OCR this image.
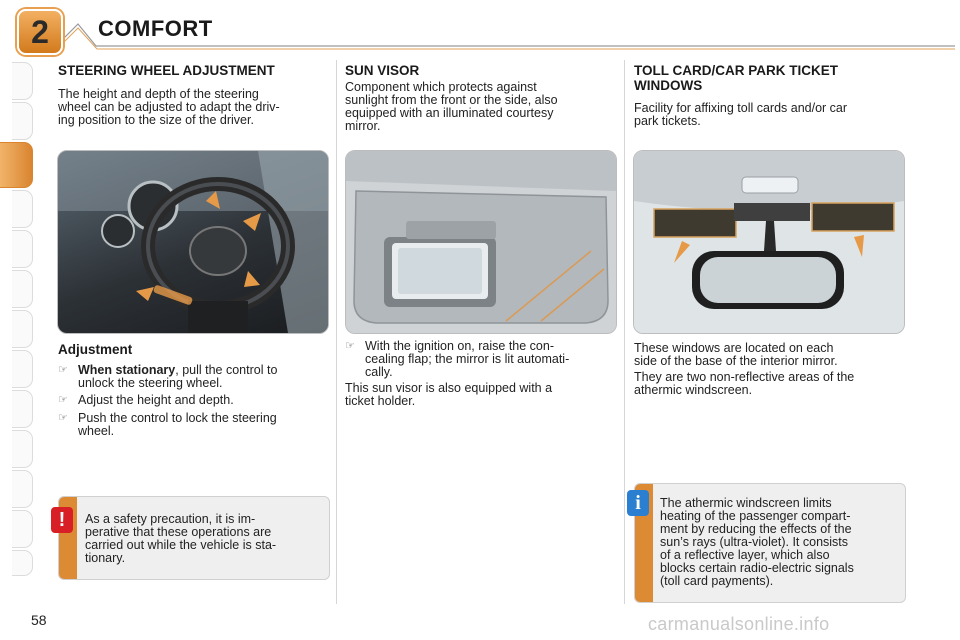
2	COMFORT
STEERING WHEEL ADJUSTMENT

The height and depth of the steering

wheel can be adjusted to adapt the driv-

ing position to the size of the driver.

Adjustment
☞ When stationary, pull the control to
unlock the steering wheel.
☞ Adjust the height and depth.
☞ Push the control to lock the steering
wheel.
!	As a safety precaution, it is im-

perative that these operations are

carried out while the vehicle is sta-

tionary.

SUN VISOR

Component which protects against

sunlight from the front or the side, also

equipped with an illuminated courtesy

mirror.

☞ With the ignition on, raise the con-
cealing flap; the mirror is lit automati-
cally.

This sun visor is also equipped with a

ticket holder.

TOLL CARD/CAR PARK TICKET
WINDOWS

Facility for affixing toll cards and/or car

park tickets.

These windows are located on each

side of the base of the interior mirror.

They are two non-reflective areas of the

athermic windscreen.

i	The athermic windscreen limits

heating of the passenger compart-

ment by reducing the effects of the

sun’s rays (ultra-violet). It consists

of a reflective layer, which also

blocks certain radio-electric signals

(toll card payments).

58	carmanualsonline.info
